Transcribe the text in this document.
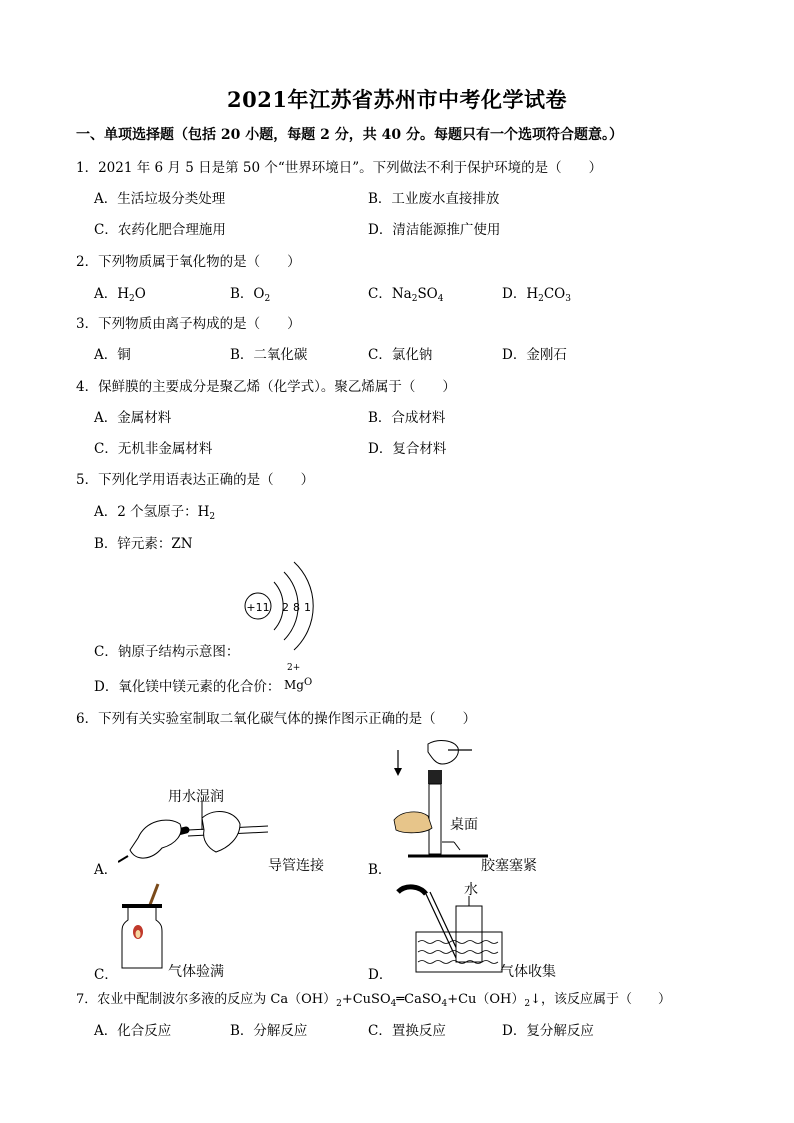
2021年江苏省苏州市中考化学试卷
一、单项选择题（包括 20 小题，每题 2 分，共 40 分。每题只有一个选项符合题意。）
1．2021 年 6 月 5 日是第 50 个“世界环境日”。下列做法不利于保护环境的是（　　）
A．生活垃圾分类处理	B．工业废水直接排放
C．农药化肥合理施用	D．清洁能源推广使用
2．下列物质属于氧化物的是（　　）
A．$H_2O$	B．$O_2$	C．$Na_2SO_4$	D．$H_2CO_3$
3．下列物质由离子构成的是（　　）
A．铜	B．二氧化碳	C．氯化钠	D．金刚石
4．保鲜膜的主要成分是聚乙烯（化学式）。聚乙烯属于（　　）
A．金属材料	B．合成材料
C．无机非金属材料	D．复合材料
5．下列化学用语表达正确的是（　　）
A．2 个氢原子：$H_2$
B．锌元素：ZN
+11 2 8 1
C．钠原子结构示意图：
D．氧化镁中镁元素的化合价：
2+
$Mg^O$
6．下列有关实验室制取二氧化碳气体的操作图示正确的是（　　）
用水湿润
A．	导管连接
桌面
B．	胶塞塞紧
C．	气体验满
水
D．	气体收集
7．农业中配制波尔多液的反应为 $Ca(OH)_2+CuSO_4═CaSO_4+Cu(OH)_2↓$，该反应属于（　　）
A．化合反应	B．分解反应	C．置换反应	D．复分解反应
